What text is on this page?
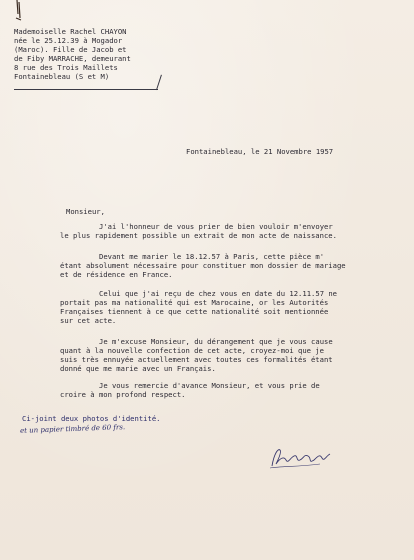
Mademoiselle Rachel CHAYON
née le 25.12.39 à Mogador
(Maroc). Fille de Jacob et
de Fiby MARRACHE, demeurant
8 rue des Trois Maillets
Fontainebleau (S et M)
Fontainebleau, le 21 Novembre 1957
Monsieur,
J'ai l'honneur de vous prier de bien vouloir m'envoyer
le plus rapidement possible un extrait de mon acte de naissance.
Devant me marier le 18.12.57 à Paris, cette pièce m'
étant absolument nécessaire pour constituer mon dossier de mariage
et de résidence en France.
Celui que j'ai reçu de chez vous en date du 12.11.57 ne
portait pas ma nationalité qui est Marocaine, or les Autorités
Françaises tiennent à ce que cette nationalité soit mentionnée
sur cet acte.
Je m'excuse Monsieur, du dérangement que je vous cause
quant à la nouvelle confection de cet acte, croyez-moi que je
suis très ennuyée actuellement avec toutes ces formalités étant
donné que me marie avec un Français.
Je vous remercie d'avance Monsieur, et vous prie de
croire à mon profond respect.
Ci-joint deux photos d'identité.
et un papier timbré de 60 frs.
